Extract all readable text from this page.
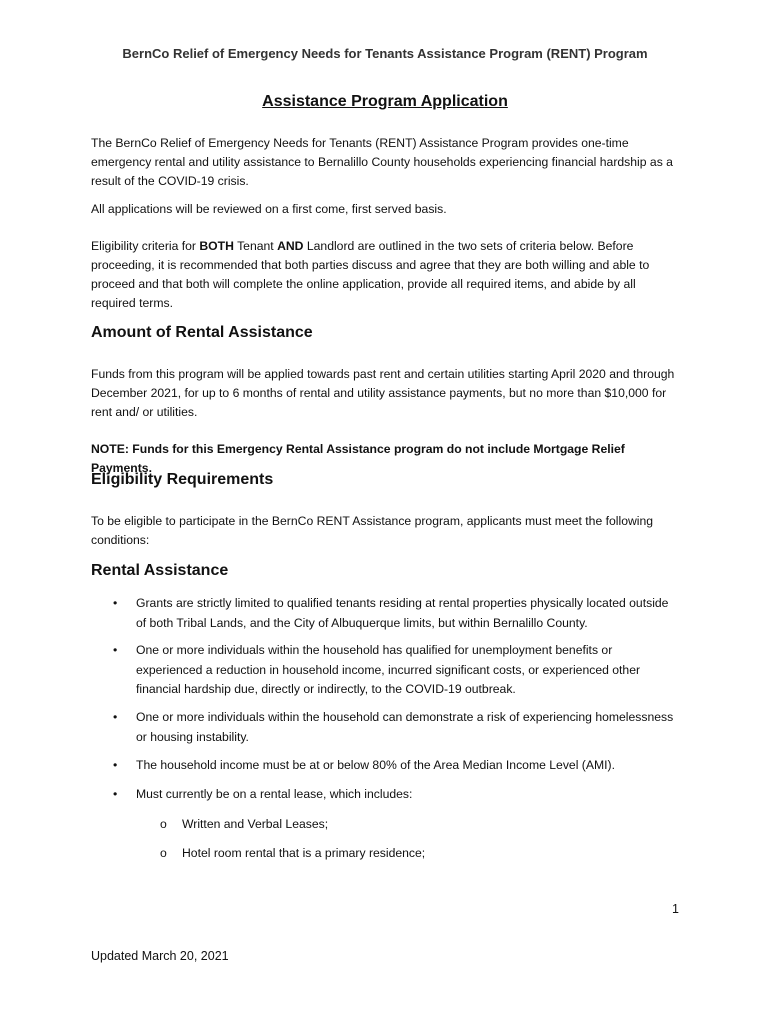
BernCo Relief of Emergency Needs for Tenants Assistance Program (RENT) Program
Assistance Program Application

The BernCo Relief of Emergency Needs for Tenants (RENT) Assistance Program provides one-time emergency rental and utility assistance to Bernalillo County households experiencing financial hardship as a result of the COVID-19 crisis.

All applications will be reviewed on a first come, first served basis.

Eligibility criteria for BOTH Tenant AND Landlord are outlined in the two sets of criteria below. Before proceeding, it is recommended that both parties discuss and agree that they are both willing and able to proceed and that both will complete the online application, provide all required items, and abide by all required terms.

Amount of Rental Assistance

Funds from this program will be applied towards past rent and certain utilities starting April 2020 and through December 2021, for up to 6 months of rental and utility assistance payments, but no more than $10,000 for rent and/ or utilities.

NOTE: Funds for this Emergency Rental Assistance program do not include Mortgage Relief Payments.

Eligibility Requirements

To be eligible to participate in the BernCo RENT Assistance program, applicants must meet the following conditions:

Rental Assistance
• Grants are strictly limited to qualified tenants residing at rental properties physically located outside of both Tribal Lands, and the City of Albuquerque limits, but within Bernalillo County.
• One or more individuals within the household has qualified for unemployment benefits or experienced a reduction in household income, incurred significant costs, or experienced other financial hardship due, directly or indirectly, to the COVID-19 outbreak.
• One or more individuals within the household can demonstrate a risk of experiencing homelessness or housing instability.
• The household income must be at or below 80% of the Area Median Income Level (AMI).
• Must currently be on a rental lease, which includes:
o Written and Verbal Leases;
o Hotel room rental that is a primary residence;
1
Updated March 20, 2021
